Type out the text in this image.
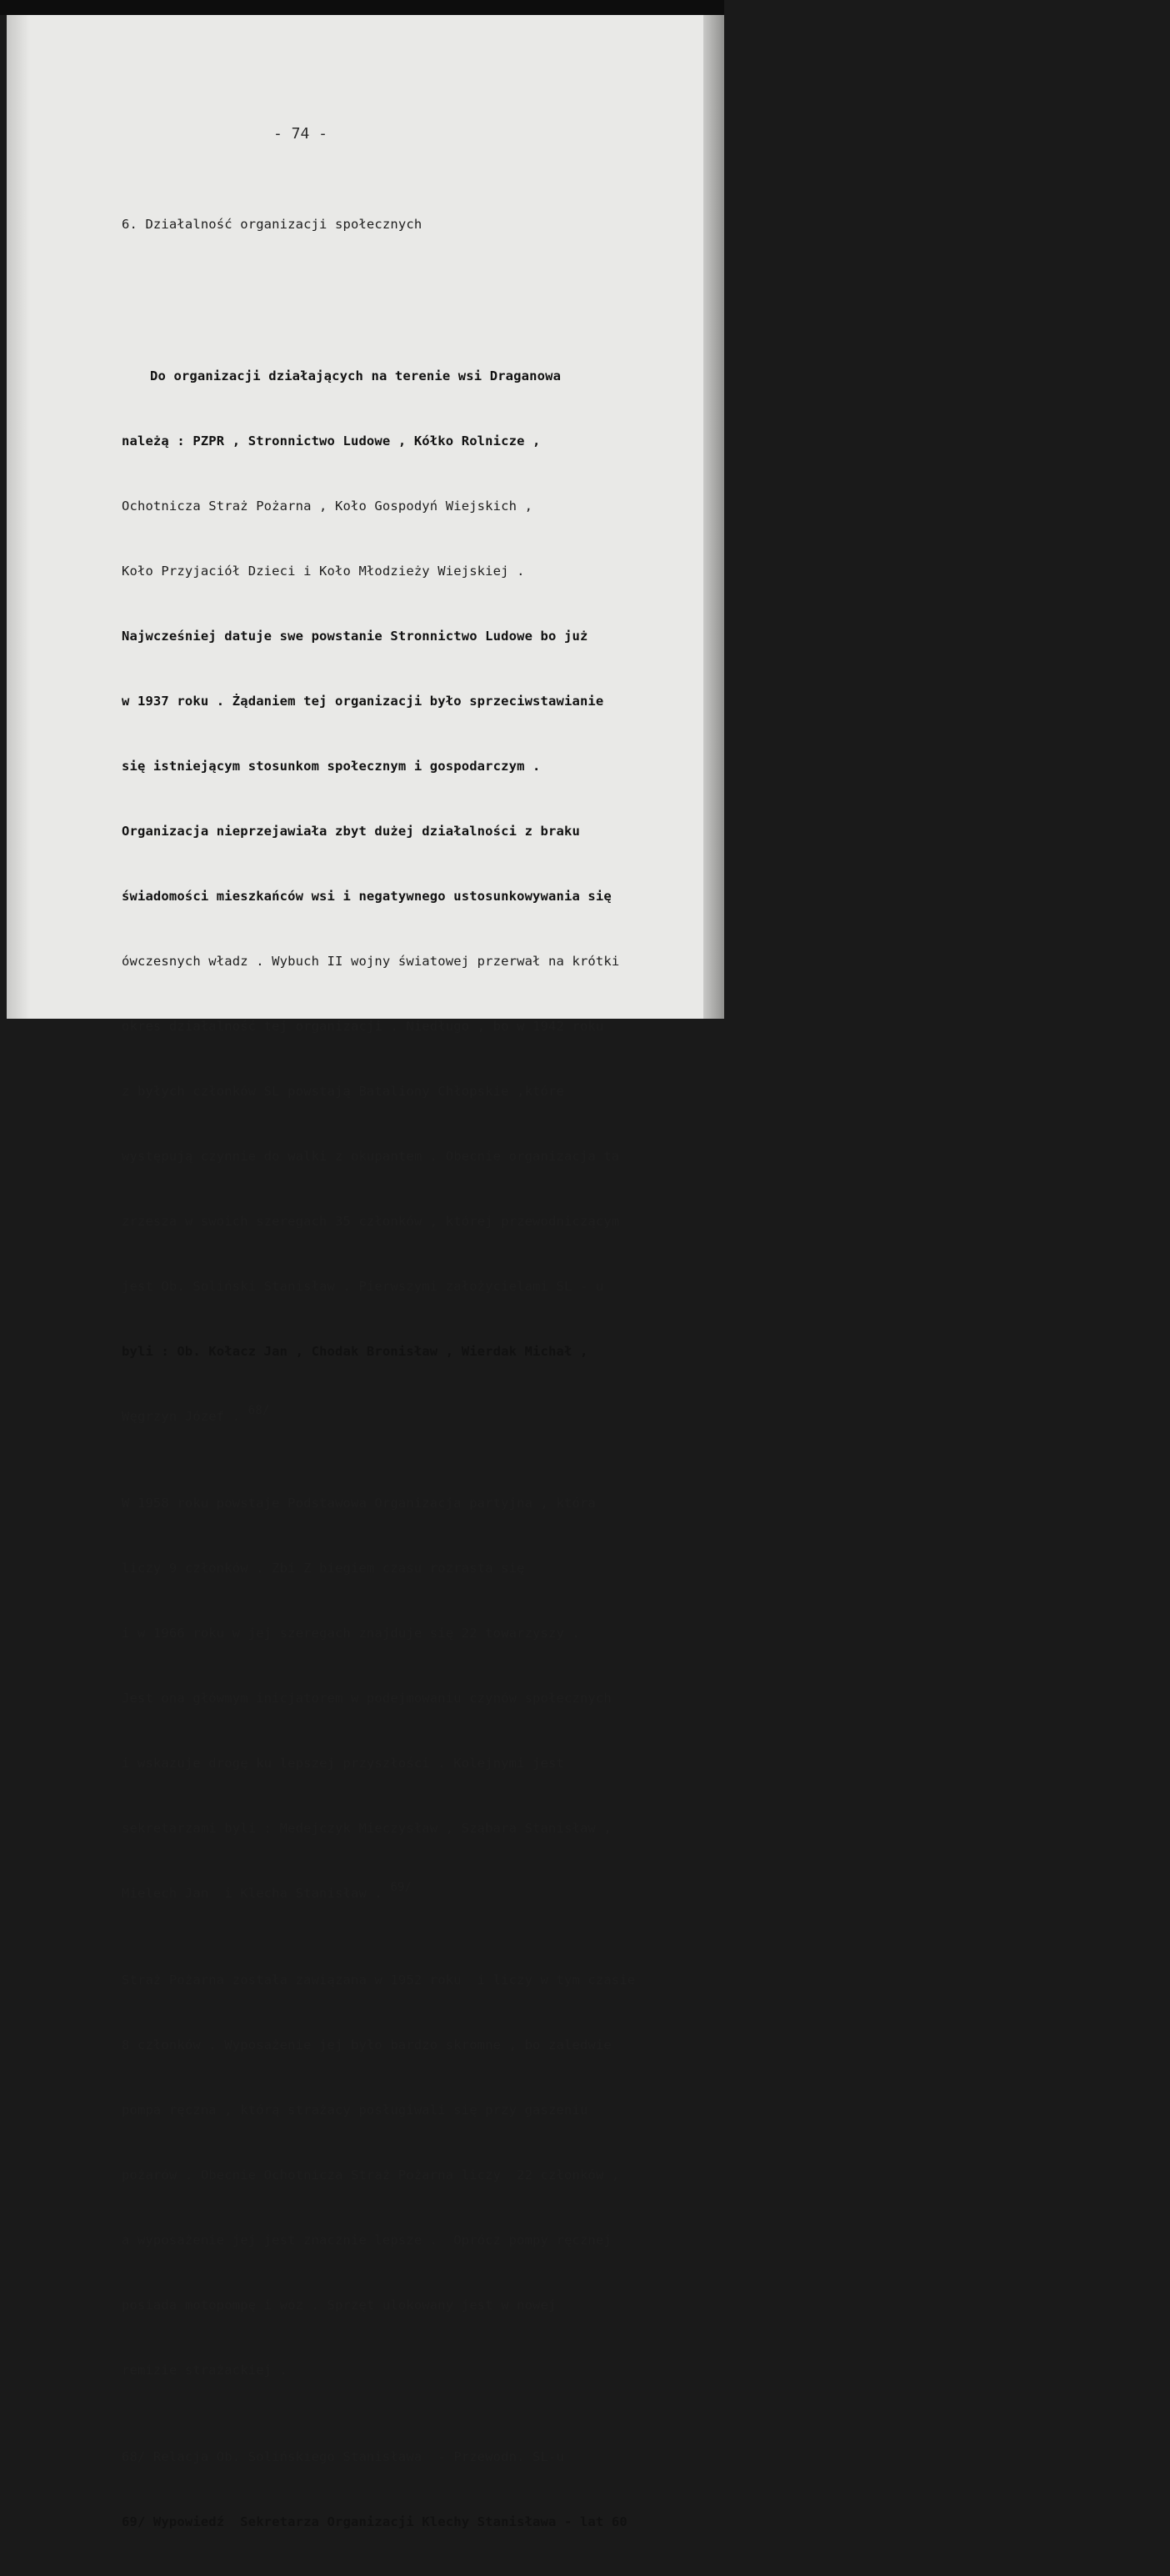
- 74 -

6. Działalność organizacji społecznych

Do organizacji działających na terenie wsi Draganowa

należą : PZPR , Stronnictwo Ludowe , Kółko Rolnicze ,

Ochotnicza Straż Pożarna , Koło Gospodyń Wiejskich ,

Koło Przyjaciół Dzieci i Koło Młodzieży Wiejskiej .

Najwcześniej datuje swe powstanie Stronnictwo Ludowe bo już

w 1937 roku . Żądaniem tej organizacji było sprzeciwstawianie

się istniejącym stosunkom społecznym i gospodarczym .

Organizacja nieprzejawiała zbyt dużej działalności z braku

świadomości mieszkańców wsi i negatywnego ustosunkowywania się

ówczesnych władz . Wybuch II wojny światowej przerwał na krótki

okres działalność tej organizacji . Niedługo , bo w 1942 roku

z byłych członków SL powstają Bataliony Chłopskie ,które

występują czynnie do walki z okupantem . Obecnie organizacja ta

zrzesza w swoich szeregach 35 członków , której przewodniczącym

jest Ob. Soliński Stanisław . Pierwszymi założycielami SL - u

byli : Ob. Kołacz Jan , Chodak Bronisław , Wierdak Michał ,

Węgrzyn Józef . 68/

W 1958 roku powstaje Podstawowa Organizacja partyjna , która

liczy 9 członków . Zbi Z biegiem czasu rozrasta się

i w 1966 roku w jej szeregach znajduje się 22 towarzyszy .

Jest ona główmym inicjatorem w podejmowaniu czynów społecznych

i wskazuje drogę ku lepszej przyszłości . Kolejnymi jest

sekretarzami byli : Medejczyk Mieczysław , Sząbara Stanisław ,

Mielech Jan  i Klecha Stanisław . 69/

Straż Pożarna została zawiązana w 1952 roku  i liczy w tym czasie

8 członków . Wyposażenie jej było bardzo skromne , bo zaledwie

pompa ręczna , którą strażacy posługiwali się przy gaszeniu

pożarów . Obecnie Ochotnicza Straż Pożarna liczy  22 członków ,

a wyposażenie jej jest znacznie lepsze .  Oprócz pompy ręcznej

posiada motopompę i wóz . Sprzęt ulokowany jest w nowej

remizie strażackiej .

68/ Relacja Ob. Solińskiego Stanisława  - Przewodn. SL-u

69/ Wypowiedź  Sekretarza Organizacji Klechy Stanisława - lat 60
